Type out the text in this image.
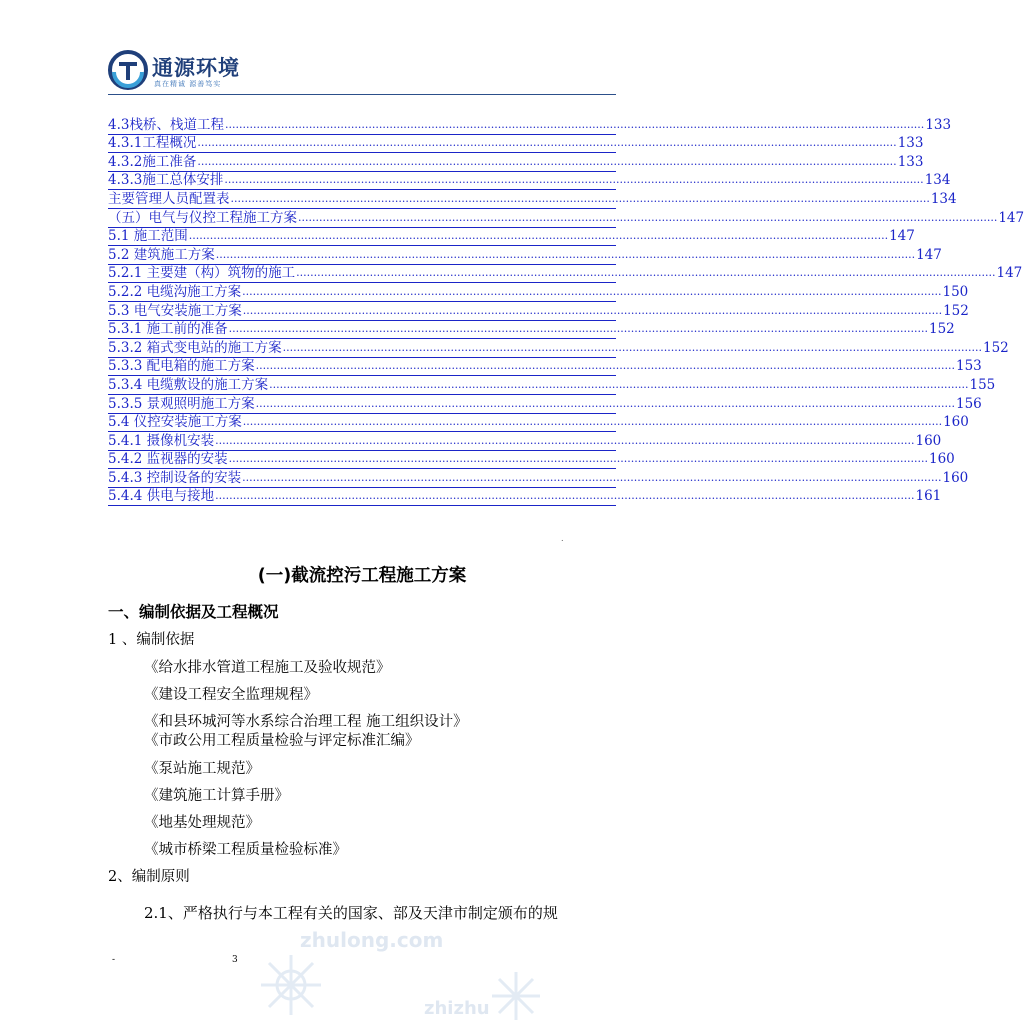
通源环境
真在精诚 源善笃实
4.3栈桥、栈道工程 ........................................................................................................................................................................................................ 133
4.3.1工程概况 ........................................................................................................................................................................................................ 133
4.3.2施工准备 ........................................................................................................................................................................................................ 133
4.3.3施工总体安排 ........................................................................................................................................................................................................ 134
主要管理人员配置表 ........................................................................................................................................................................................................ 134
（五）电气与仪控工程施工方案 ........................................................................................................................................................................................................ 147
5.1 施工范围 ........................................................................................................................................................................................................ 147
5.2 建筑施工方案 ........................................................................................................................................................................................................ 147
5.2.1 主要建（构）筑物的施工 ........................................................................................................................................................................................................ 147
5.2.2 电缆沟施工方案 ........................................................................................................................................................................................................ 150
5.3 电气安装施工方案 ........................................................................................................................................................................................................ 152
5.3.1 施工前的准备 ........................................................................................................................................................................................................ 152
5.3.2 箱式变电站的施工方案 ........................................................................................................................................................................................................ 152
5.3.3 配电箱的施工方案 ........................................................................................................................................................................................................ 153
5.3.4 电缆敷设的施工方案 ........................................................................................................................................................................................................ 155
5.3.5 景观照明施工方案 ........................................................................................................................................................................................................ 156
5.4 仪控安装施工方案 ........................................................................................................................................................................................................ 160
5.4.1 摄像机安装 ........................................................................................................................................................................................................ 160
5.4.2 监视器的安装 ........................................................................................................................................................................................................ 160
5.4.3 控制设备的安装 ........................................................................................................................................................................................................ 160
5.4.4 供电与接地 ........................................................................................................................................................................................................ 161
.
(一)截流控污工程施工方案
一、编制依据及工程概况
1 、编制依据
《给水排水管道工程施工及验收规范》
《建设工程安全监理规程》
《和县环城河等水系综合治理工程 施工组织设计》
《市政公用工程质量检验与评定标准汇编》
《泵站施工规范》
《建筑施工计算手册》
《地基处理规范》
《城市桥梁工程质量检验标准》
2、编制原则
2.1、严格执行与本工程有关的国家、部及天津市制定颁布的规
zhulong.com
zhizhu
-	3
